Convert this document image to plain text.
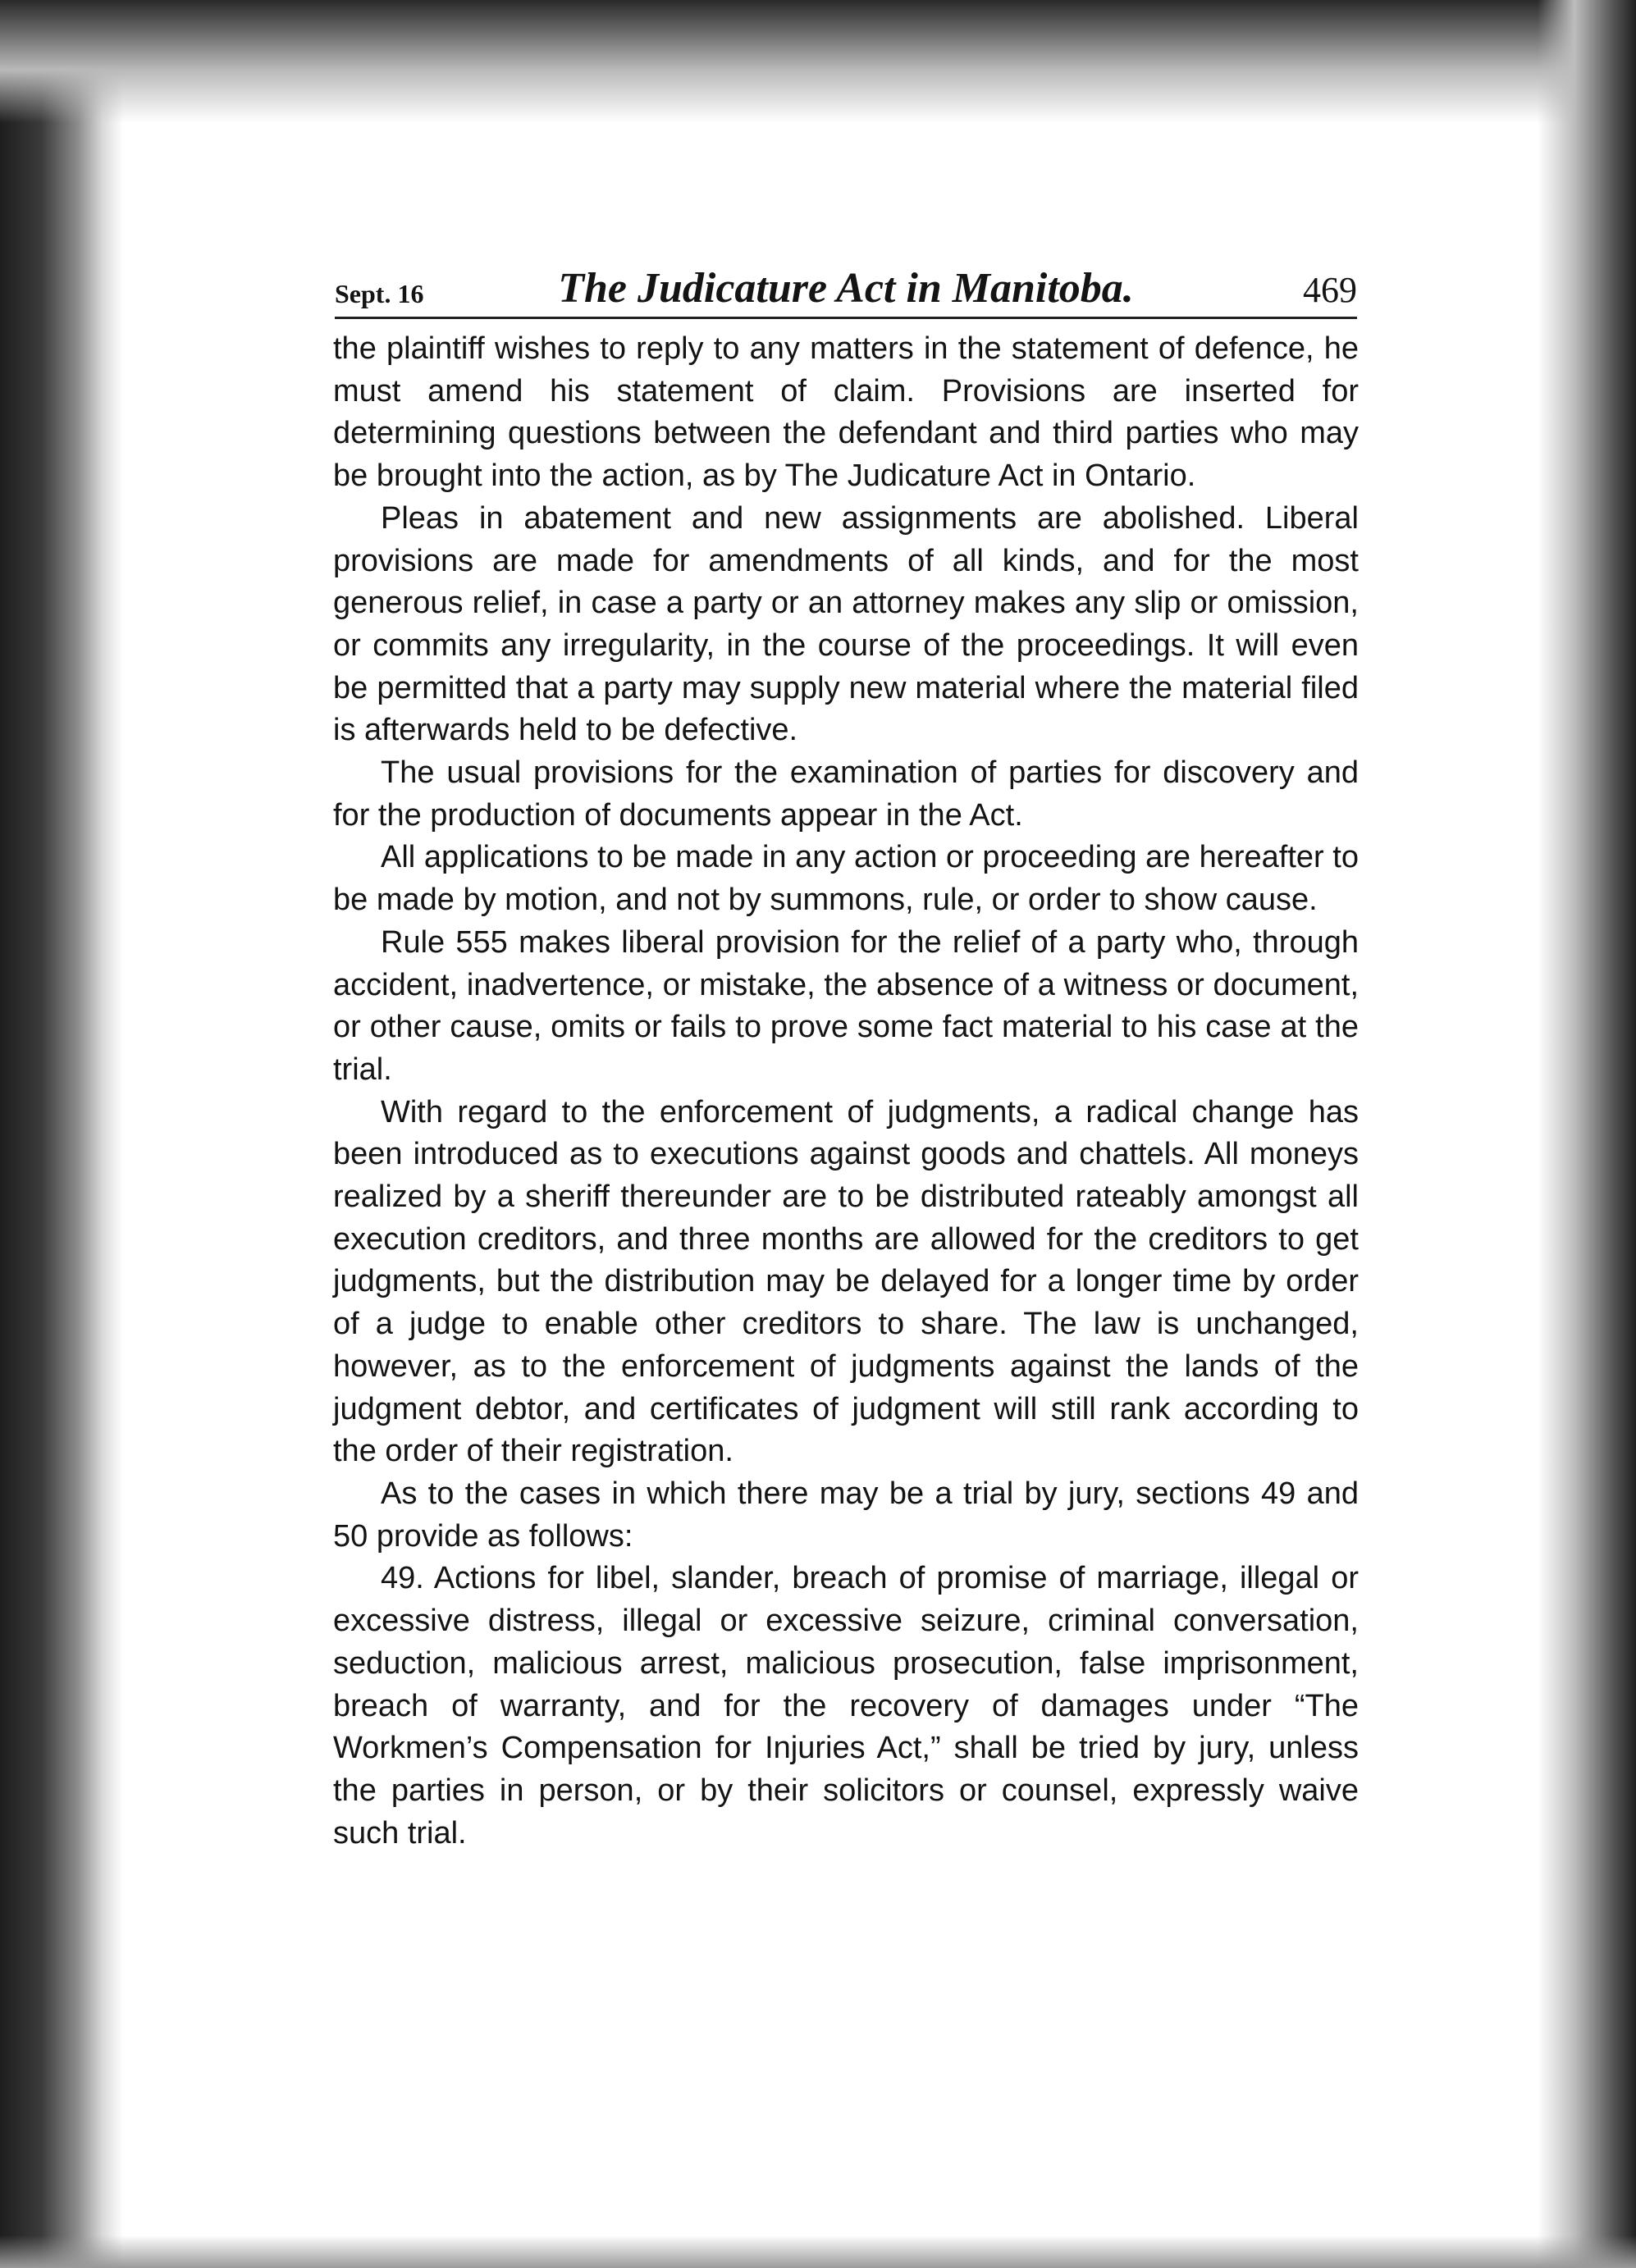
Sept. 16	The Judicature Act in Manitoba.	469

the plaintiff wishes to reply to any matters in the statement of defence, he must amend his statement of claim. Provisions are inserted for determining questions between the defendant and third parties who may be brought into the action, as by The Judicature Act in Ontario.

Pleas in abatement and new assignments are abolished. Liberal provisions are made for amendments of all kinds, and for the most generous relief, in case a party or an attorney makes any slip or omission, or commits any irregularity, in the course of the proceedings. It will even be permitted that a party may supply new material where the material filed is afterwards held to be defective.

The usual provisions for the examination of parties for discovery and for the production of documents appear in the Act.

All applications to be made in any action or proceeding are hereafter to be made by motion, and not by summons, rule, or order to show cause.

Rule 555 makes liberal provision for the relief of a party who, through accident, inadvertence, or mistake, the absence of a witness or document, or other cause, omits or fails to prove some fact material to his case at the trial.

With regard to the enforcement of judgments, a radical change has been introduced as to executions against goods and chattels. All moneys realized by a sheriff thereunder are to be distributed rateably amongst all execution creditors, and three months are allowed for the creditors to get judgments, but the distribution may be delayed for a longer time by order of a judge to enable other creditors to share. The law is unchanged, however, as to the enforcement of judgments against the lands of the judgment debtor, and certificates of judgment will still rank according to the order of their registration.

As to the cases in which there may be a trial by jury, sections 49 and 50 provide as follows:

49. Actions for libel, slander, breach of promise of marriage, illegal or excessive distress, illegal or excessive seizure, criminal conversation, seduction, malicious arrest, malicious prosecution, false imprisonment, breach of warranty, and for the recovery of damages under “The Workmen’s Compensation for Injuries Act,” shall be tried by jury, unless the parties in person, or by their solicitors or counsel, expressly waive such trial.
